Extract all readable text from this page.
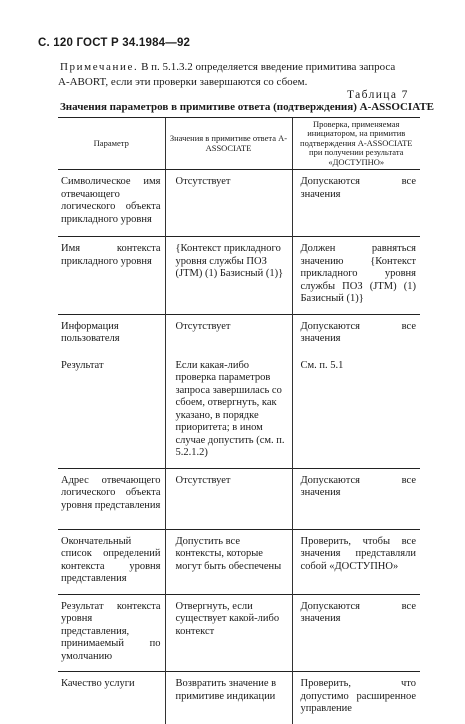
С. 120 ГОСТ Р 34.1984—92
Примечание. В п. 5.1.3.2 определяется введение примитива запроса
A-ABORT, если эти проверки завершаются со сбоем.
Таблица 7
Значения параметров в примитиве ответа (подтверждения) A-ASSOCIATE
Параметр	Значения в примитиве ответа A-ASSOCIATE	Проверка, применяемая инициатором, на примитив подтверждения A-ASSOCIATE при получении результата «ДОСТУПНО»
Символическое имя отвечающего логического объекта прикладного уровня	Отсутствует	Допускаются все значения
Имя контекста прикладного уровня	{Контекст прикладного уровня службы ПОЗ (JTM) (1) Базисный (1)}	Должен равняться значению {Контекст прикладного уровня службы ПОЗ (JTM) (1) Базисный (1)}
Информация пользователя	Отсутствует	Допускаются все значения
Результат	Если какая-либо проверка параметров запроса завершилась со сбоем, отвергнуть, как указано, в порядке приоритета; в ином случае допустить (см. п. 5.2.1.2)	См. п. 5.1
Адрес отвечающего логического объекта уровня представления	Отсутствует	Допускаются все значения
Окончательный список определений контекста уровня представления	Допустить все контексты, которые могут быть обеспечены	Проверить, чтобы все значения представляли собой «ДОСТУПНО»
Результат контекста уровня представления, принимаемый по умолчанию	Отвергнуть, если существует какой-либо контекст	Допускаются все значения
Качество услуги	Возвратить значение в примитиве индикации	Проверить, что допустимо расширенное управление
